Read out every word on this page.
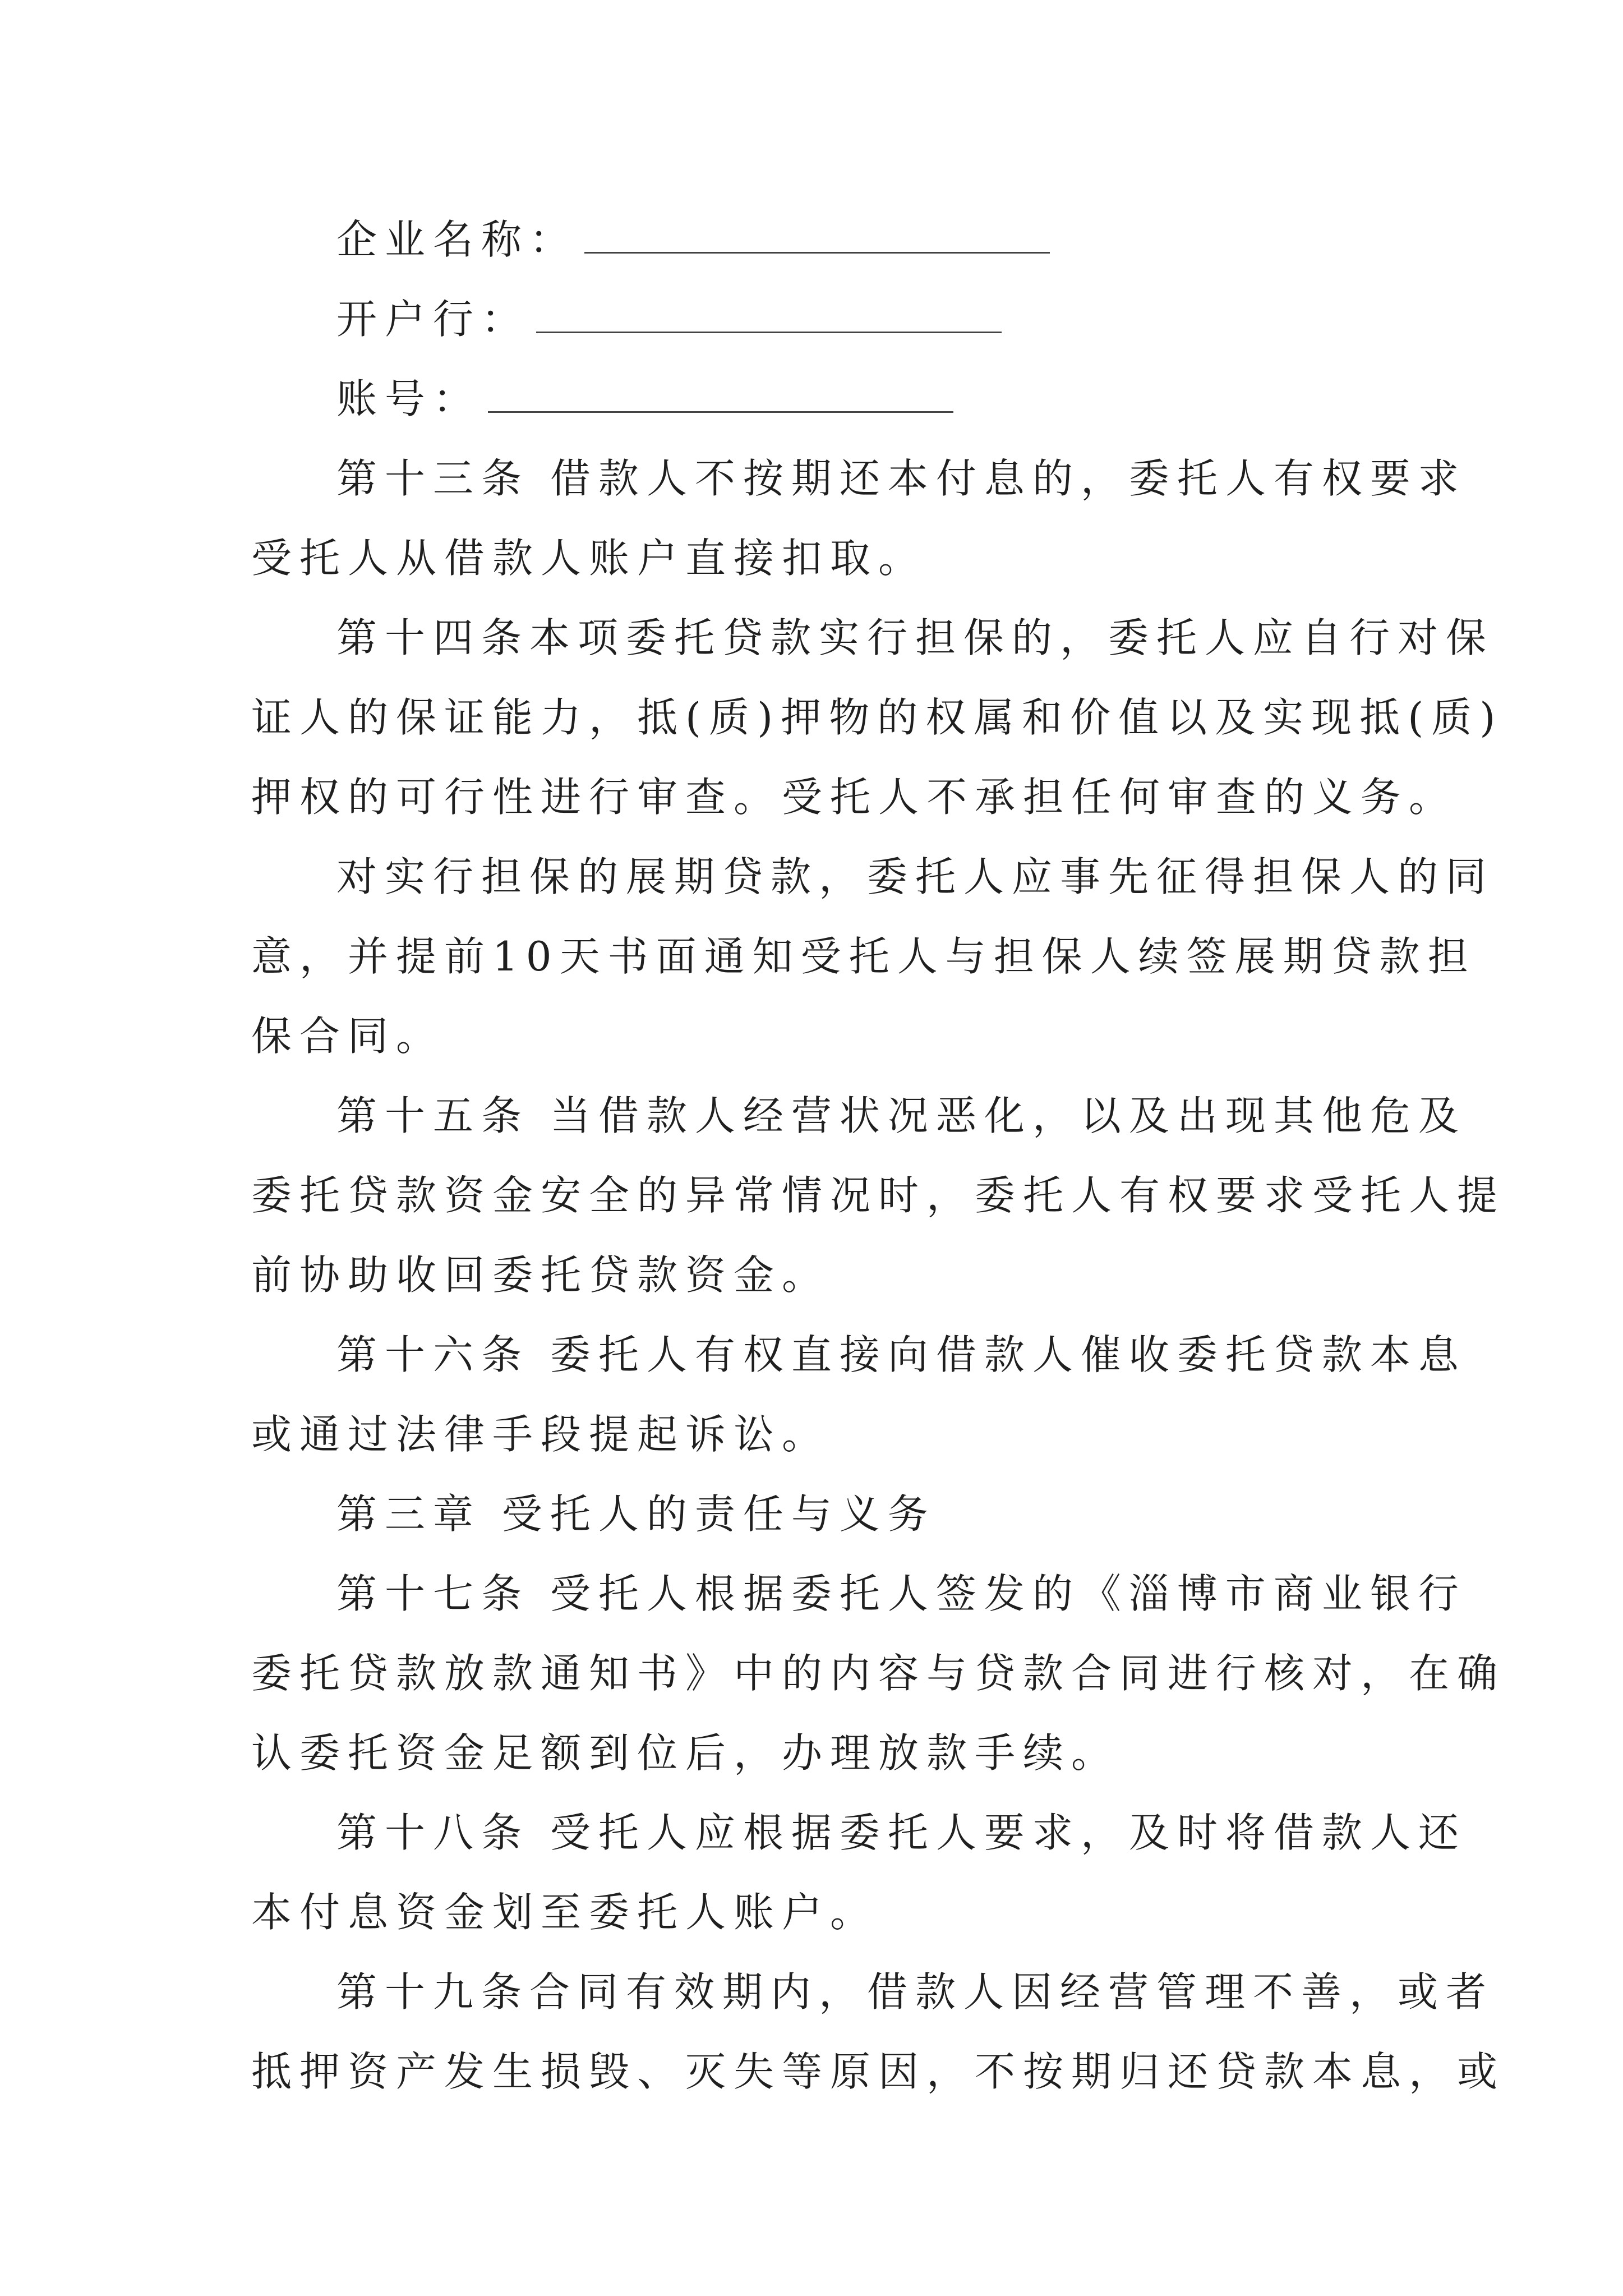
企业名称：
开户行：
账号：
第十三条 借款人不按期还本付息的，委托人有权要求
受托人从借款人账户直接扣取。
第十四条本项委托贷款实行担保的，委托人应自行对保
证人的保证能力，抵(质)押物的权属和价值以及实现抵(质)
押权的可行性进行审查。受托人不承担任何审查的义务。
对实行担保的展期贷款，委托人应事先征得担保人的同
意，并提前10天书面通知受托人与担保人续签展期贷款担
保合同。
第十五条 当借款人经营状况恶化，以及出现其他危及
委托贷款资金安全的异常情况时，委托人有权要求受托人提
前协助收回委托贷款资金。
第十六条 委托人有权直接向借款人催收委托贷款本息
或通过法律手段提起诉讼。
第三章 受托人的责任与义务
第十七条 受托人根据委托人签发的《淄博市商业银行
委托贷款放款通知书》中的内容与贷款合同进行核对，在确
认委托资金足额到位后，办理放款手续。
第十八条 受托人应根据委托人要求，及时将借款人还
本付息资金划至委托人账户。
第十九条合同有效期内，借款人因经营管理不善，或者
抵押资产发生损毁、灭失等原因，不按期归还贷款本息，或
